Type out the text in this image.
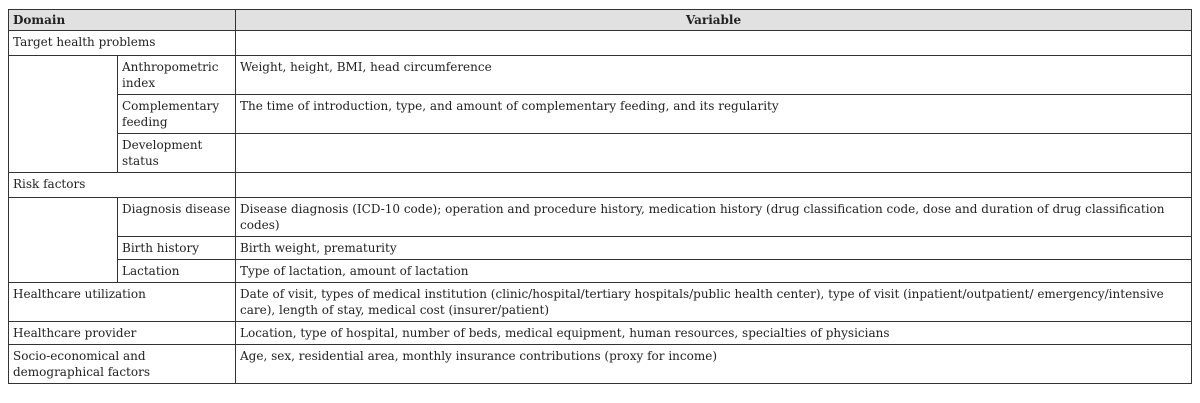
Domain		Variable
Target health problems		
	Anthropometric index	Weight, height, BMI, head circumference
	Complementary feeding	The time of introduction, type, and amount of complementary feeding, and its regularity
	Development status	
Risk factors		
	Diagnosis disease	Disease diagnosis (ICD-10 code); operation and procedure history, medication history (drug classification code, dose and duration of drug classification codes)
	Birth history	Birth weight, prematurity
	Lactation	Type of lactation, amount of lactation
Healthcare utilization		Date of visit, types of medical institution (clinic/hospital/tertiary hospitals/public health center), type of visit (inpatient/outpatient/ emergency/intensive care), length of stay, medical cost (insurer/patient)
Healthcare provider		Location, type of hospital, number of beds, medical equipment, human resources, specialties of physicians
Socio-economical and demographical factors		Age, sex, residential area, monthly insurance contributions (proxy for income)
